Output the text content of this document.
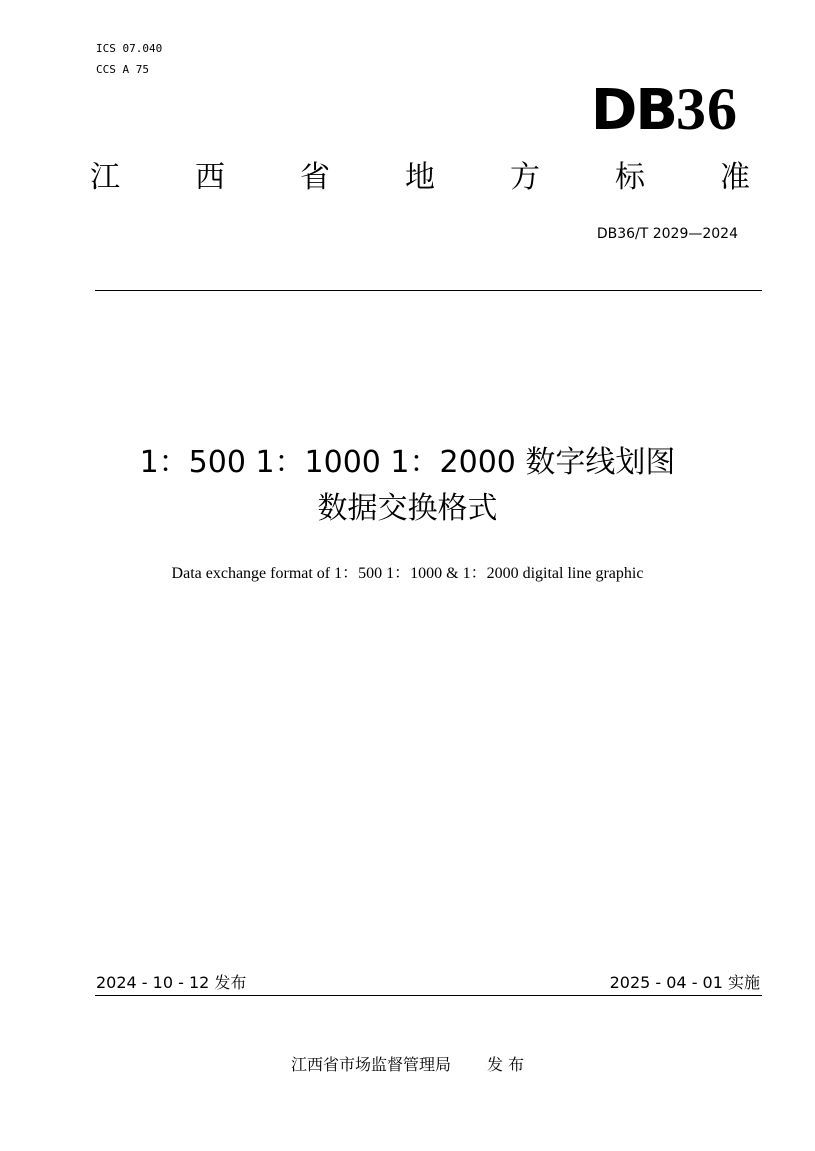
ICS 07.040
CCS A 75
DB36
江	西	省	地	方	标	准
DB36/T 2029—2024
1：500 1：1000 1：2000 数字线划图
数据交换格式
Data exchange format of 1：500 1：1000 & 1：2000 digital line graphic
2024 - 10 - 12 发布	2025 - 04 - 01 实施
江西省市场监督管理局 发 布
